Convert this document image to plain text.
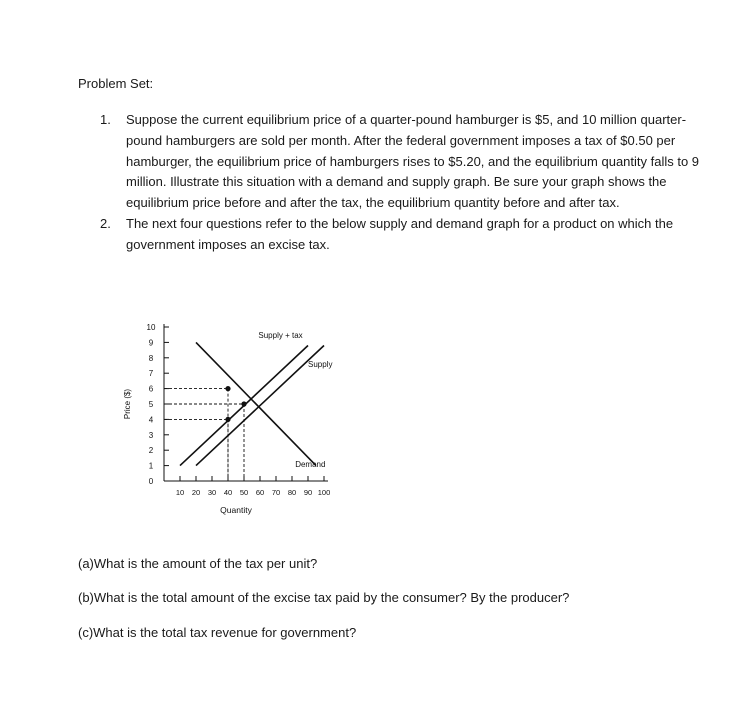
Problem Set:
1. Suppose the current equilibrium price of a quarter-pound hamburger is $5, and 10 million quarter-pound hamburgers are sold per month. After the federal government imposes a tax of $0.50 per hamburger, the equilibrium price of hamburgers rises to $5.20, and the equilibrium quantity falls to 9 million. Illustrate this situation with a demand and supply graph. Be sure your graph shows the equilibrium price before and after the tax, the equilibrium quantity before and after tax.
2. The next four questions refer to the below supply and demand graph for a product on which the government imposes an excise tax.
0
1
2
3
4
5
6
7
8
9
10
10 20 30 40 50 60 70 80 90 100
Price ($)
Quantity
Supply + tax
Supply
Demand
(a)What is the amount of the tax per unit?
(b)What is the total amount of the excise tax paid by the consumer? By the producer?
(c)What is the total tax revenue for government?
